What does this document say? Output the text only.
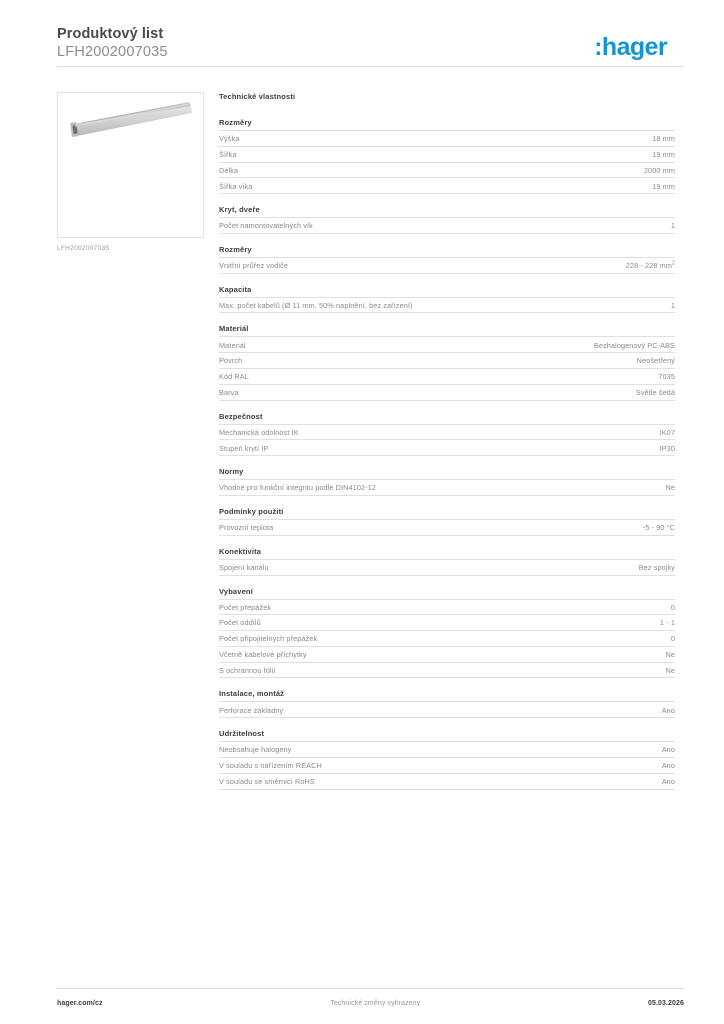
Produktový list
LFH2002007035	:hager
LFH2002007035
Technické vlastnosti
Rozměry
Výška	18 mm
Šířka	19 mm
Délka	2000 mm
Šířka víka	19 mm
Kryt, dveře
Počet namontovatelných vík	1
Rozměry
Vnitřní průřez vodiče	228 - 228 $mm^2$
Kapacita
Max. počet kabelů (Ø 11 mm, 50% naplnění, bez zařízení)	1
Materiál
Materiál	Bezhalogenový PC-ABS
Povrch	Neošetřený
Kód RAL	7035
Barva	Světle šedá
Bezpečnost
Mechanická odolnost IK	IK07
Stupeň krytí IP	IP30
Normy
Vhodné pro funkční integritu podle DIN4102-12	Ne
Podmínky použití
Provozní teplota	-5 - 90 °C
Konektivita
Spojení kanálu	Bez spojky
Vybavení
Počet přepážek	0
Počet oddílů	1 - 1
Počet připojitelných přepážek	0
Včetně kabelové příchytky	Ne
S ochrannou fólií	Ne
Instalace, montáž
Perforace základny	Ano
Udržitelnost
Neobsahuje halogeny	Ano
V souladu s nařízením REACH	Ano
V souladu se směrnicí RoHS	Ano
hager.com/cz	Technické změny vyhrazeny	05.03.2026
